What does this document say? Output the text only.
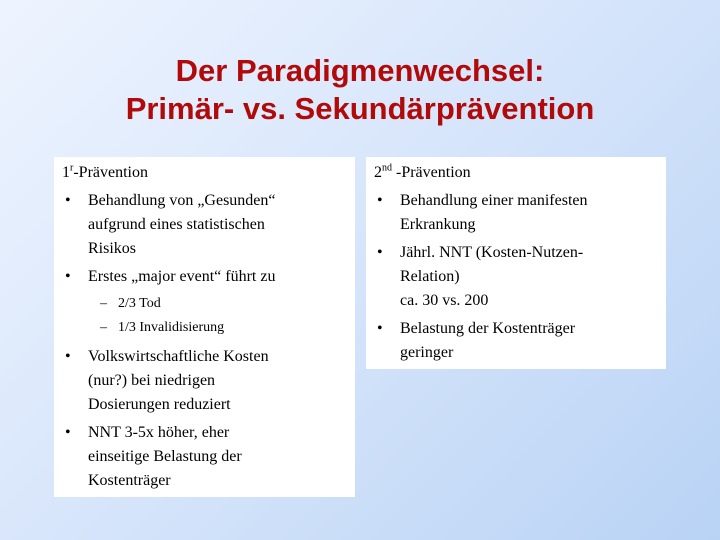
Der Paradigmenwechsel:
Primär- vs. Sekundärprävention
1$^r$-Prävention
• Behandlung von „Gesunden“
aufgrund eines statistischen
Risikos
• Erstes „major event“ führt zu
– 2/3 Tod
– 1/3 Invalidisierung
• Volkswirtschaftliche Kosten
(nur?) bei niedrigen
Dosierungen reduziert
• NNT 3-5x höher, eher
einseitige Belastung der
Kostenträger
2nd -Prävention
• Behandlung einer manifesten
Erkrankung
• Jährl. NNT (Kosten-Nutzen-
Relation)
ca. 30 vs. 200
• Belastung der Kostenträger
geringer
